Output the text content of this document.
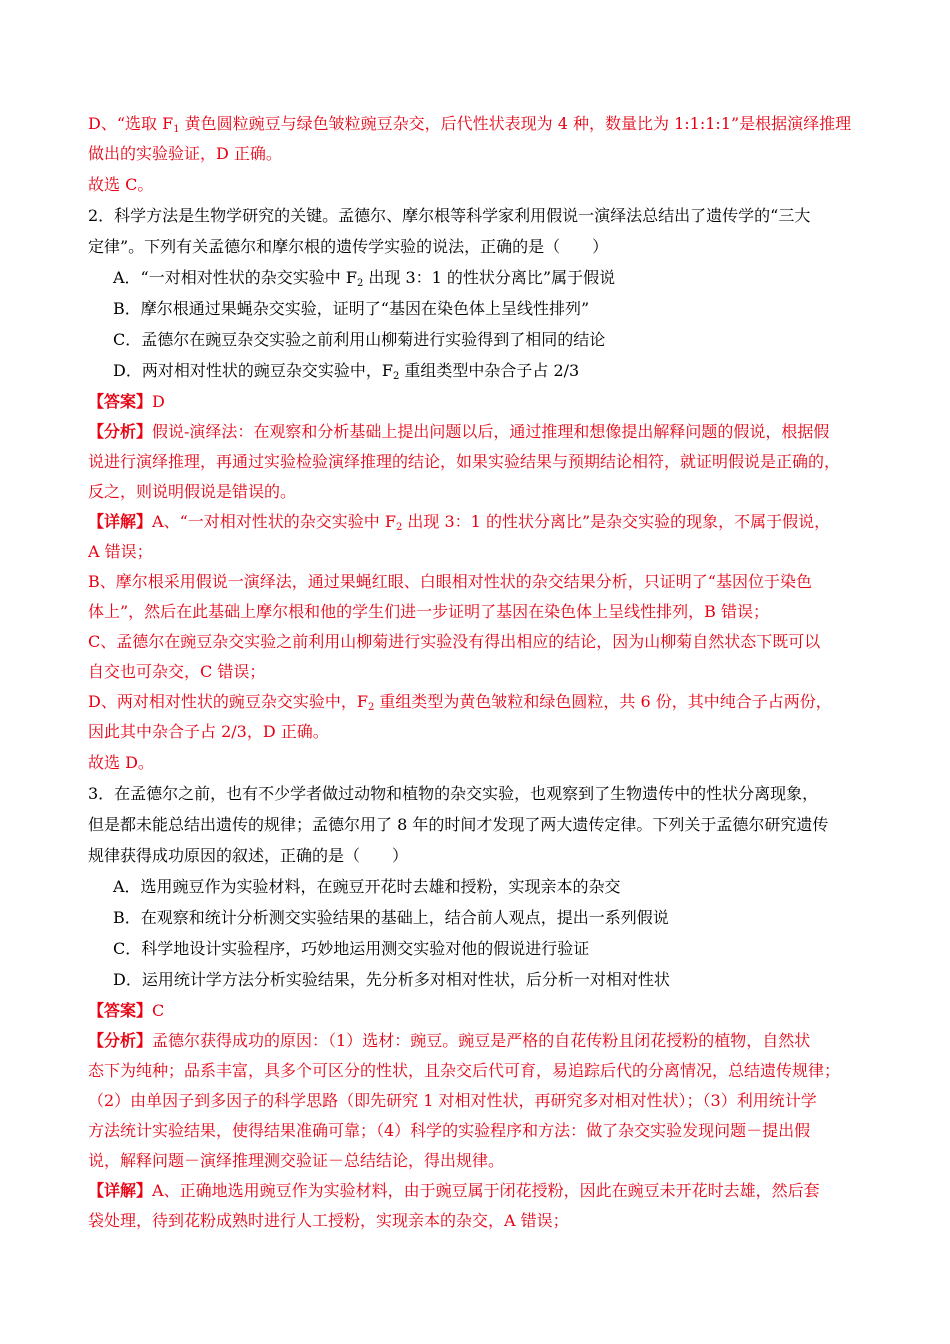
D、“选取 $F_1$ 黄色圆粒豌豆与绿色皱粒豌豆杂交，后代性状表现为 4 种，数量比为 1:1:1:1”是根据演绎推理
做出的实验验证，D 正确。
故选 C。
2．科学方法是生物学研究的关键。孟德尔、摩尔根等科学家利用假说一演绎法总结出了遗传学的“三大
定律”。下列有关孟德尔和摩尔根的遗传学实验的说法，正确的是（　　）
A．“一对相对性状的杂交实验中 $F_2$ 出现 3：1 的性状分离比”属于假说
B．摩尔根通过果蝇杂交实验，证明了“基因在染色体上呈线性排列”
C．孟德尔在豌豆杂交实验之前利用山柳菊进行实验得到了相同的结论
D．两对相对性状的豌豆杂交实验中，$F_2$ 重组类型中杂合子占 2/3
【答案】D
【分析】假说-演绎法：在观察和分析基础上提出问题以后，通过推理和想像提出解释问题的假说，根据假
说进行演绎推理，再通过实验检验演绎推理的结论，如果实验结果与预期结论相符，就证明假说是正确的，
反之，则说明假说是错误的。
【详解】A、“一对相对性状的杂交实验中 $F_2$ 出现 3：1 的性状分离比”是杂交实验的现象，不属于假说，
A 错误；
B、摩尔根采用假说一演绎法，通过果蝇红眼、白眼相对性状的杂交结果分析，只证明了“基因位于染色
体上”，然后在此基础上摩尔根和他的学生们进一步证明了基因在染色体上呈线性排列，B 错误；
C、孟德尔在豌豆杂交实验之前利用山柳菊进行实验没有得出相应的结论，因为山柳菊自然状态下既可以
自交也可杂交，C 错误；
D、两对相对性状的豌豆杂交实验中，$F_2$ 重组类型为黄色皱粒和绿色圆粒，共 6 份，其中纯合子占两份，
因此其中杂合子占 2/3，D 正确。
故选 D。
3．在孟德尔之前，也有不少学者做过动物和植物的杂交实验，也观察到了生物遗传中的性状分离现象，
但是都未能总结出遗传的规律；孟德尔用了 8 年的时间才发现了两大遗传定律。下列关于孟德尔研究遗传
规律获得成功原因的叙述，正确的是（　　）
A．选用豌豆作为实验材料，在豌豆开花时去雄和授粉，实现亲本的杂交
B．在观察和统计分析测交实验结果的基础上，结合前人观点，提出一系列假说
C．科学地设计实验程序，巧妙地运用测交实验对他的假说进行验证
D．运用统计学方法分析实验结果，先分析多对相对性状，后分析一对相对性状
【答案】C
【分析】孟德尔获得成功的原因：（1）选材：豌豆。豌豆是严格的自花传粉且闭花授粉的植物，自然状
态下为纯种；品系丰富，具多个可区分的性状，且杂交后代可育，易追踪后代的分离情况，总结遗传规律；
（2）由单因子到多因子的科学思路（即先研究 1 对相对性状，再研究多对相对性状）；（3）利用统计学
方法统计实验结果，使得结果准确可靠；（4）科学的实验程序和方法：做了杂交实验发现问题－提出假
说，解释问题－演绎推理测交验证－总结结论，得出规律。
【详解】A、正确地选用豌豆作为实验材料，由于豌豆属于闭花授粉，因此在豌豆未开花时去雄，然后套
袋处理，待到花粉成熟时进行人工授粉，实现亲本的杂交，A 错误；
